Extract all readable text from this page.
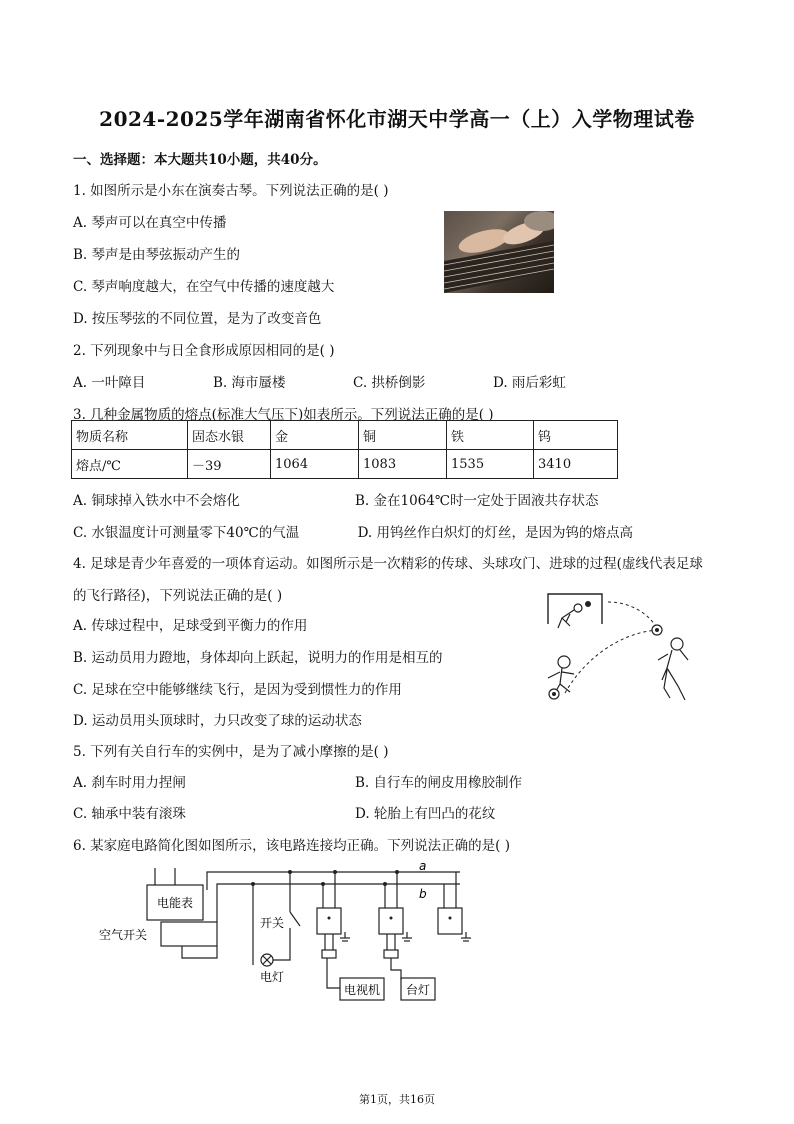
2024-2025学年湖南省怀化市湖天中学高一（上）入学物理试卷
一、选择题：本大题共10小题，共40分。
1. 如图所示是小东在演奏古琴。下列说法正确的是( )
A. 琴声可以在真空中传播
B. 琴声是由琴弦振动产生的
C. 琴声响度越大，在空气中传播的速度越大
D. 按压琴弦的不同位置，是为了改变音色
2. 下列现象中与日全食形成原因相同的是( )
A. 一叶障目	B. 海市蜃楼	C. 拱桥倒影	D. 雨后彩虹
3. 几种金属物质的熔点(标准大气压下)如表所示。下列说法正确的是( )
物质名称	固态水银	金	铜	铁	钨
熔点/℃	－39	1064	1083	1535	3410
A. 铜球掉入铁水中不会熔化	B. 金在1064℃时一定处于固液共存状态
C. 水银温度计可测量零下40℃的气温	D. 用钨丝作白炽灯的灯丝，是因为钨的熔点高
4. 足球是青少年喜爱的一项体育运动。如图所示是一次精彩的传球、头球攻门、进球的过程(虚线代表足球
的飞行路径)，下列说法正确的是( )
A. 传球过程中，足球受到平衡力的作用
B. 运动员用力蹬地，身体却向上跃起，说明力的作用是相互的
C. 足球在空中能够继续飞行，是因为受到惯性力的作用
D. 运动员用头顶球时，力只改变了球的运动状态
5. 下列有关自行车的实例中，是为了减小摩擦的是( )
A. 刹车时用力捏闸	B. 自行车的闸皮用橡胶制作
C. 轴承中装有滚珠	D. 轮胎上有凹凸的花纹
6. 某家庭电路简化图如图所示，该电路连接均正确。下列说法正确的是( )
a
b
电能表
空气开关
开关
电灯
电视机 台灯
第1页，共16页
